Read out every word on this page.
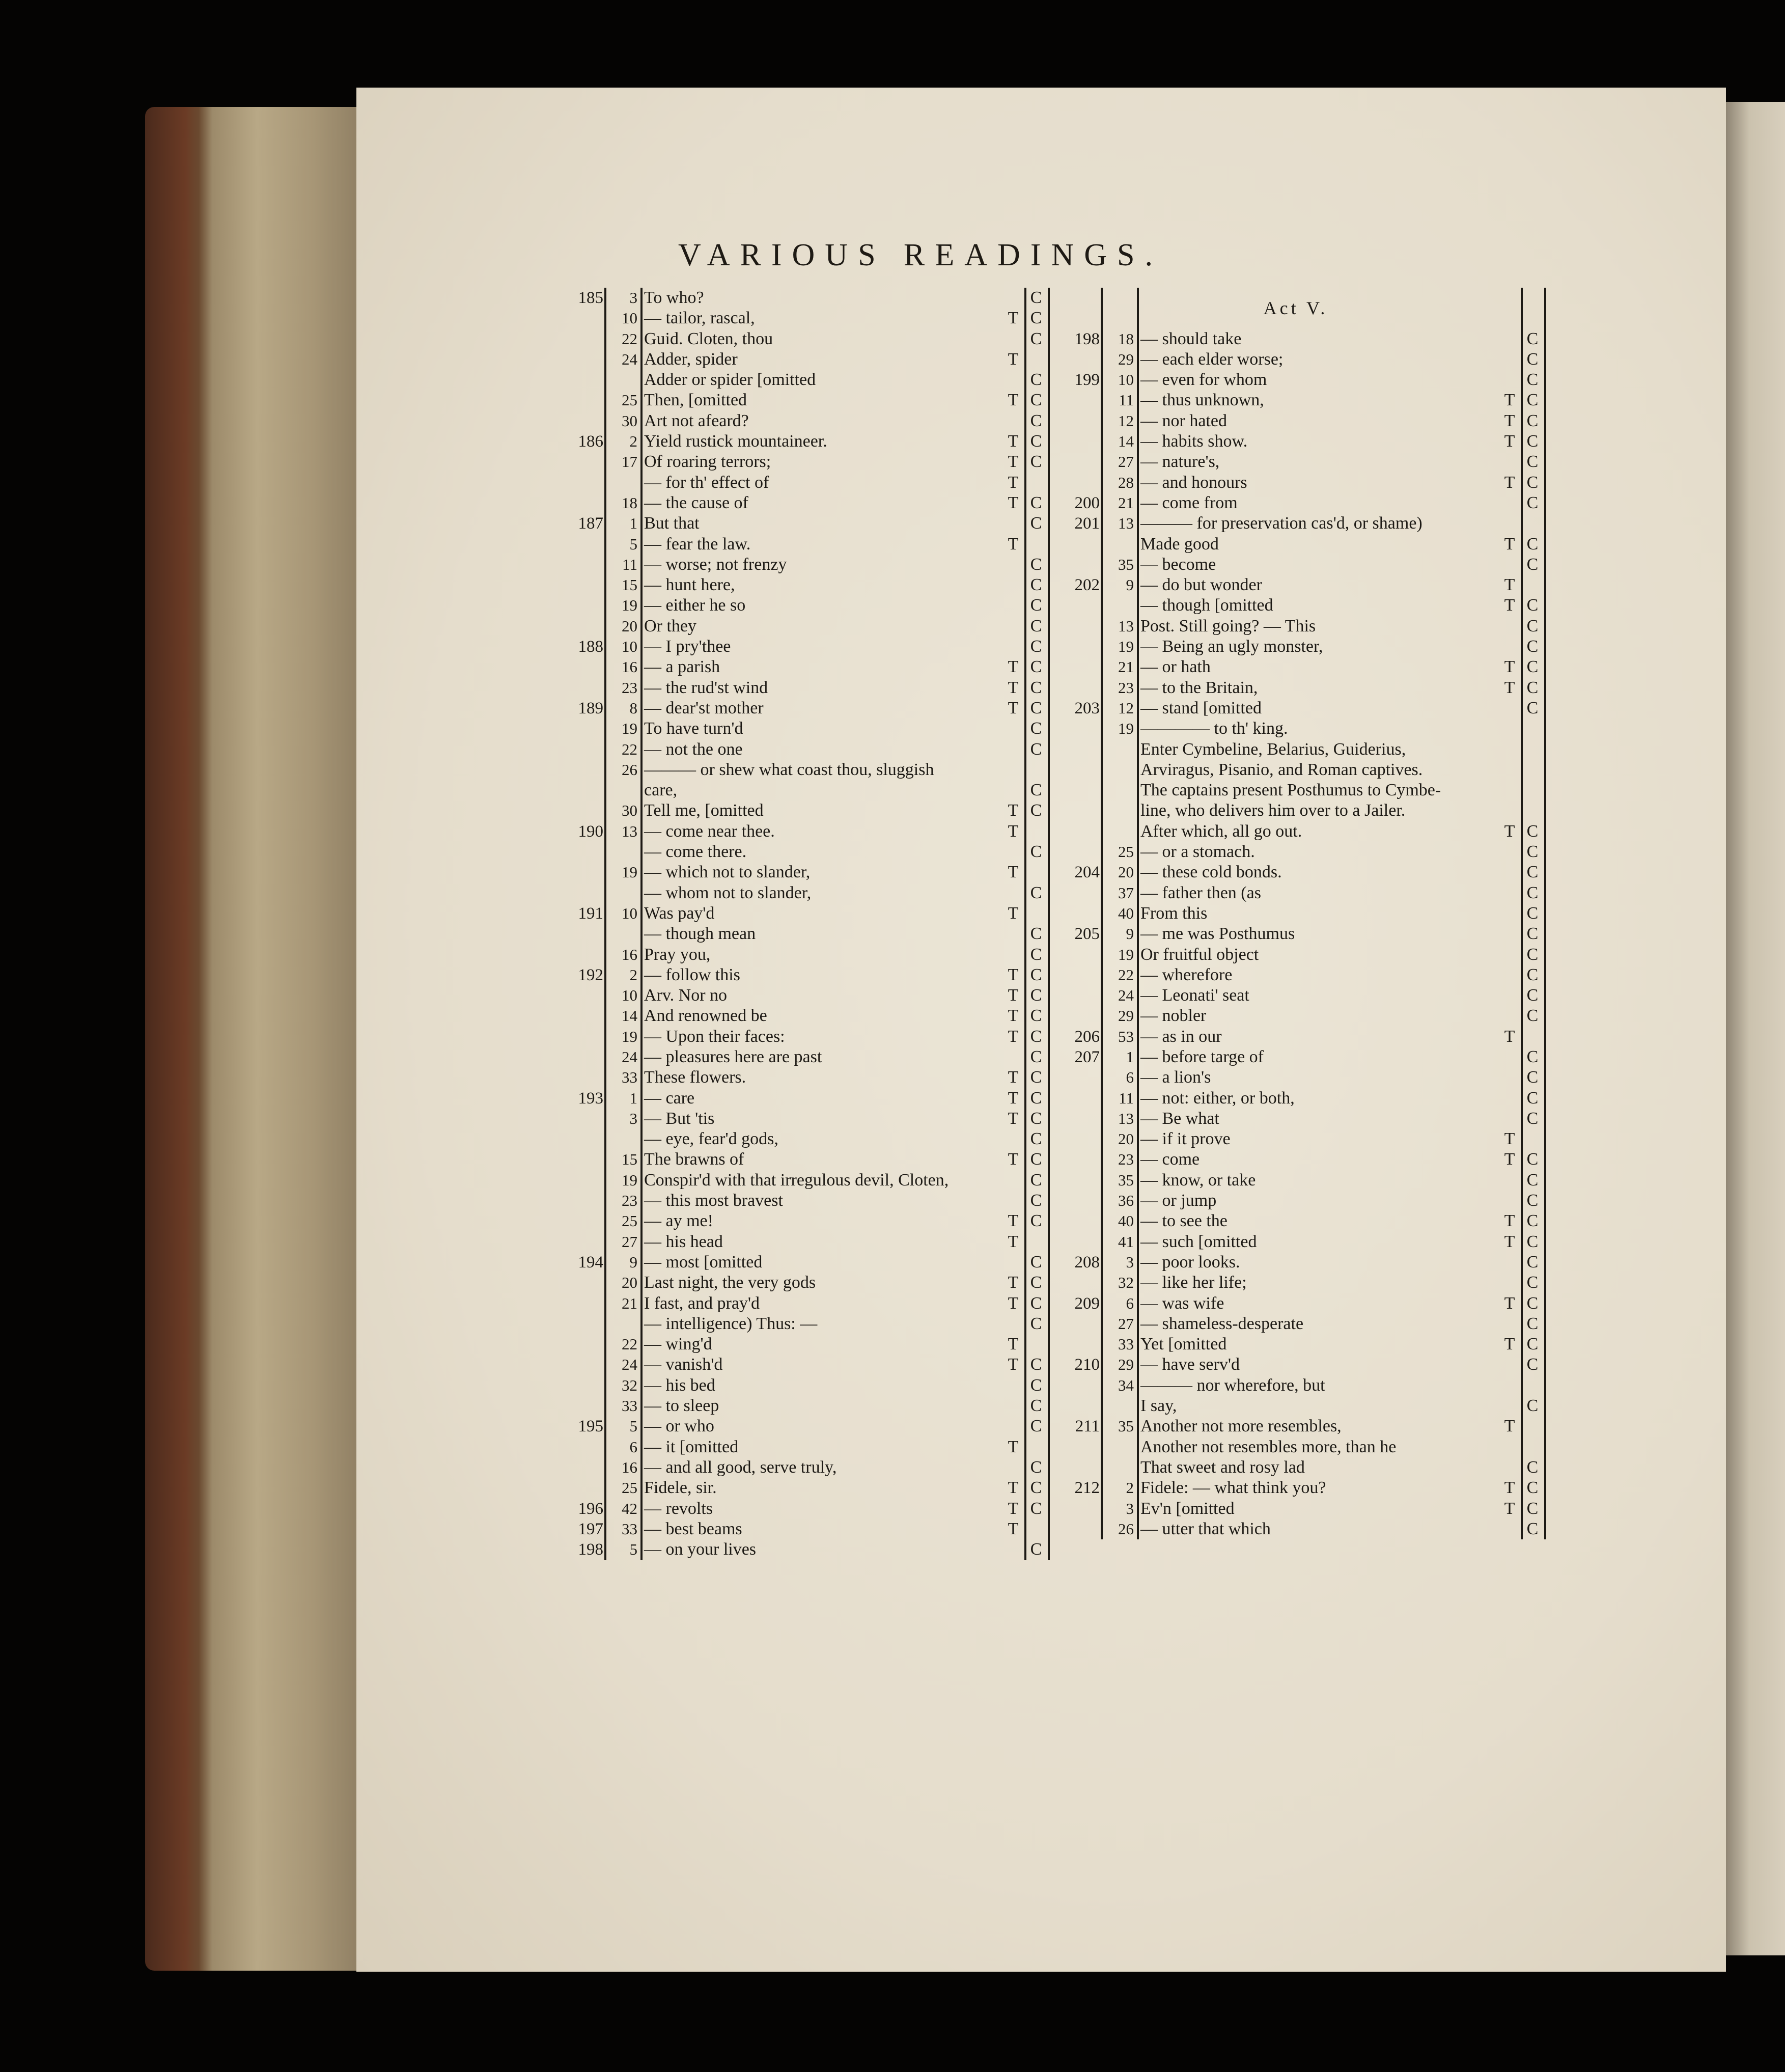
VARIOUS READINGS.
185	3 To who?	C
10 — tailor, rascal,	T C
22 Guid. Cloten, thou	C
24 Adder, spider	T
Adder or spider [omitted	C
25 Then, [omitted	T C
30 Art not afeard?	C
186	2 Yield rustick mountaineer.	T C
17 Of roaring terrors;	T C
— for th' effect of	T
18 — the cause of	T C
187	1 But that	C
5 — fear the law.	T
11 — worse; not frenzy	C
15 — hunt here,	C
19 — either he so	C
20 Or they	C
188	10 — I pry'thee	C
16 — a parish	T C
23 — the rud'st wind	T C
189	8 — dear'st mother	T C
19 To have turn'd	C
22 — not the one	C
26 ——— or shew what coast thou, sluggish
care,	C
30 Tell me, [omitted	T C
190	13 — come near thee.	T
— come there.	C
19 — which not to slander,	T
— whom not to slander,	C
191	10 Was pay'd	T
— though mean	C
16 Pray you,	C
192	2 — follow this	T C
10 Arv. Nor no	T C
14 And renowned be	T C
19 — Upon their faces:	T C
24 — pleasures here are past	C
33 These flowers.	T C
193	1 — care	T C
3 — But 'tis	T C
— eye, fear'd gods,	C
15 The brawns of	T C
19 Conspir'd with that irregulous devil, Cloten,	C
23 — this most bravest	C
25 — ay me!	T C
27 — his head	T
194	9 — most [omitted	C
20 Last night, the very gods	T C
21 I fast, and pray'd	T C
— intelligence) Thus: —	C
22 — wing'd	T
24 — vanish'd	T C
32 — his bed	C
33 — to sleep	C
195	5 — or who	C
6 — it [omitted	T
16 — and all good, serve truly,	C
25 Fidele, sir.	T C
196	42 — revolts	T C
197	33 — best beams	T
198	5 — on your lives	C
Act V.
198	18 — should take	C
29 — each elder worse;	C
199	10 — even for whom	C
11 — thus unknown,	T C
12 — nor hated	T C
14 — habits show.	T C
27 — nature's,	C
28 — and honours	T C
200	21 — come from	C
201	13 ——— for preservation cas'd, or shame)
Made good	T C
35 — become	C
202	9 — do but wonder	T
— though [omitted	T C
13 Post. Still going? — This	C
19 — Being an ugly monster,	C
21 — or hath	T C
23 — to the Britain,	T C
203	12 — stand [omitted	C
19 ———— to th' king.
Enter Cymbeline, Belarius, Guiderius,
Arviragus, Pisanio, and Roman captives.
The captains present Posthumus to Cymbe-
line, who delivers him over to a Jailer.
After which, all go out.	T C
25 — or a stomach.	C
204	20 — these cold bonds.	C
37 — father then (as	C
40 From this	C
205	9 — me was Posthumus	C
19 Or fruitful object	C
22 — wherefore	C
24 — Leonati' seat	C
29 — nobler	C
206	53 — as in our	T
207	1 — before targe of	C
6 — a lion's	C
11 — not: either, or both,	C
13 — Be what	C
20 — if it prove	T
23 — come	T C
35 — know, or take	C
36 — or jump	C
40 — to see the	T C
41 — such [omitted	T C
208	3 — poor looks.	C
32 — like her life;	C
209	6 — was wife	T C
27 — shameless-desperate	C
33 Yet [omitted	T C
210	29 — have serv'd	C
34 ——— nor wherefore, but
I say,	C
211	35 Another not more resembles,	T
Another not resembles more, than he
That sweet and rosy lad	C
212	2 Fidele: — what think you?	T C
3 Ev'n [omitted	T C
26 — utter that which	C
